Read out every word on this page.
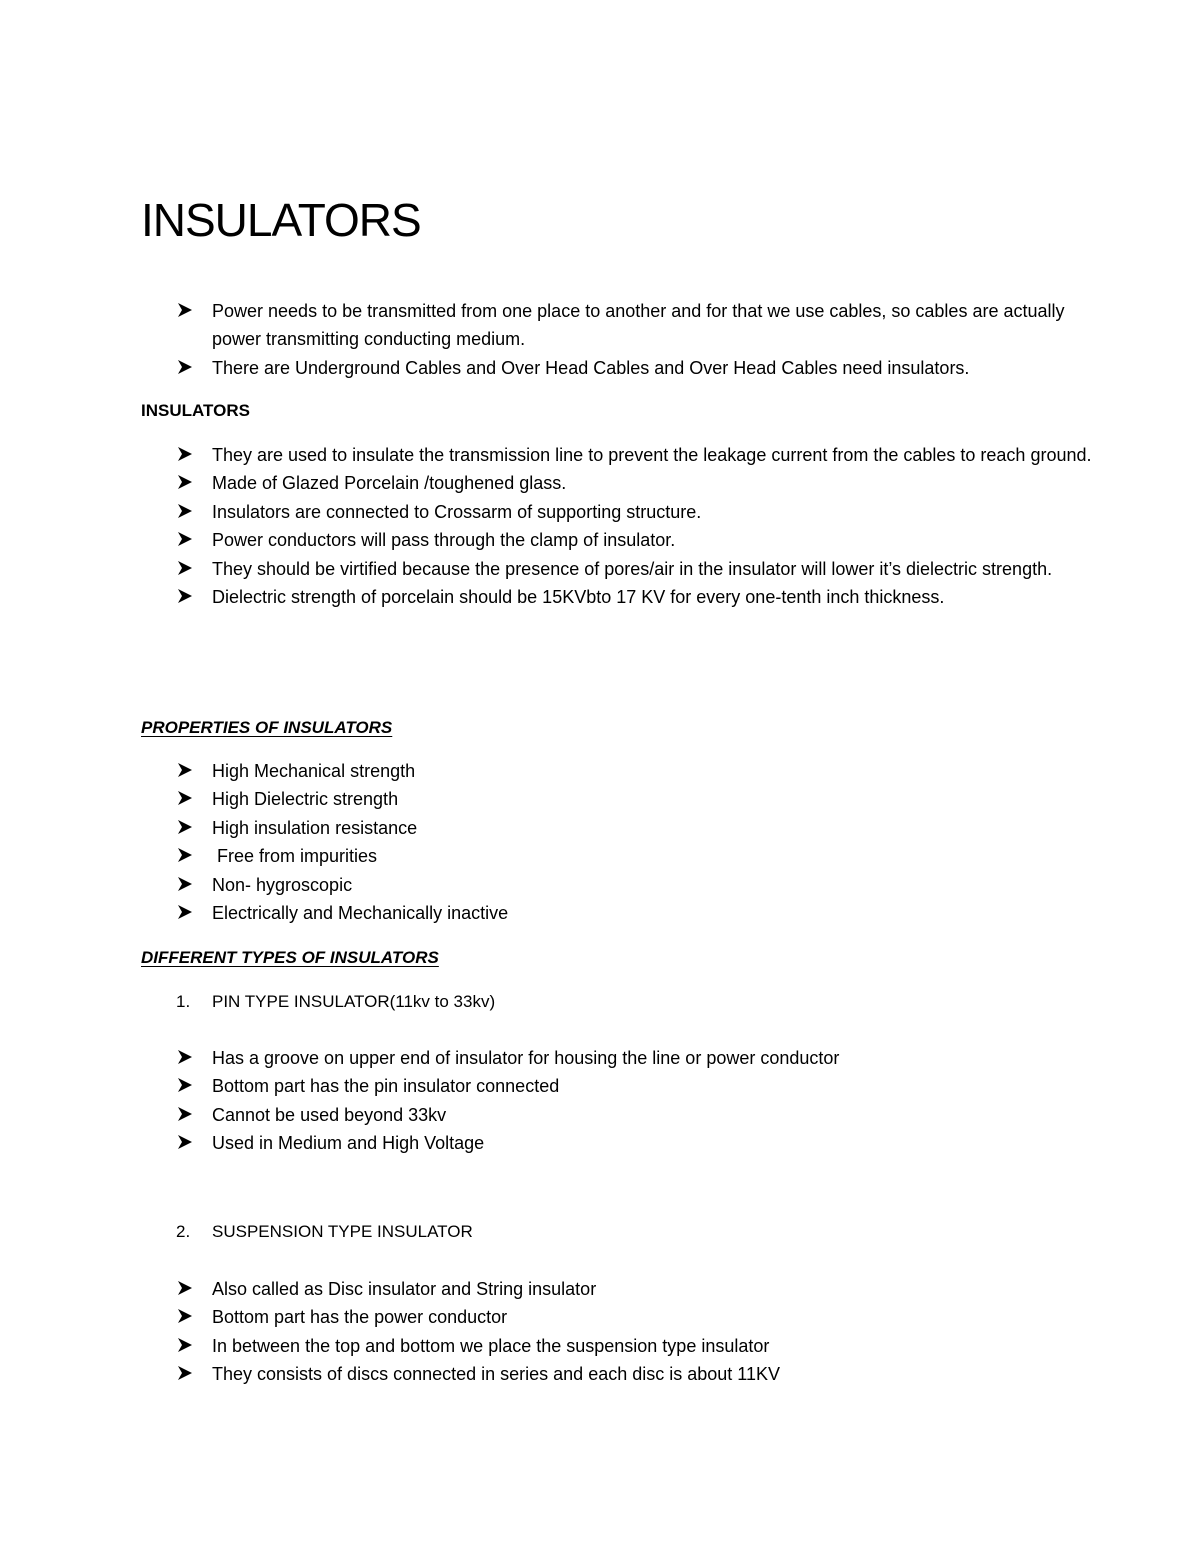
INSULATORS
Power needs to be transmitted from one place to another and for that we use cables, so cables are actually power transmitting conducting medium.
There are Underground Cables and Over Head Cables and Over Head Cables need insulators.
INSULATORS
They are used to insulate the transmission line to prevent the leakage current from the cables to reach ground.
Made of Glazed Porcelain /toughened glass.
Insulators are connected to Crossarm of supporting structure.
Power conductors will pass through the clamp of insulator.
They should be virtified because the presence of pores/air in the insulator will lower it’s dielectric strength.
Dielectric strength of porcelain should be 15KVbto 17 KV for every one-tenth inch thickness.
PROPERTIES OF INSULATORS
High Mechanical strength
High Dielectric strength
High insulation resistance
Free from impurities
Non- hygroscopic
Electrically and Mechanically inactive
DIFFERENT TYPES OF INSULATORS
1. PIN TYPE INSULATOR(11kv to 33kv)
Has a groove on upper end of insulator for housing the line or power conductor
Bottom part has the pin insulator connected
Cannot be used beyond 33kv
Used in Medium and High Voltage
2. SUSPENSION TYPE INSULATOR
Also called as Disc insulator and String insulator
Bottom part has the power conductor
In between the top and bottom we place the suspension type insulator
They consists of discs connected in series and each disc is about 11KV
